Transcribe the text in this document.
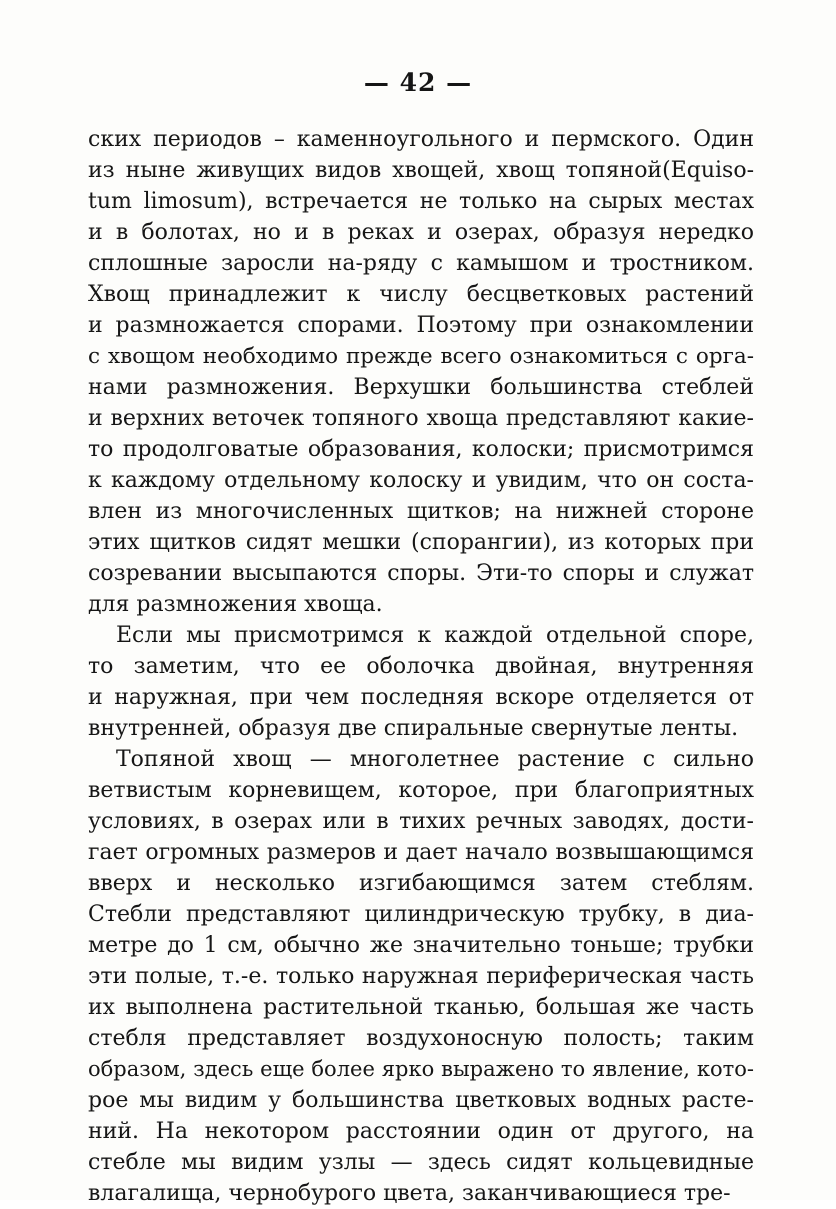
— 42 —
ских периодов – каменноугольного и пермского. Один
из ныне живущих видов хвощей, хвощ топяной(Equiso-
tum limosum), встречается не только на сырых местах
и в болотах, но и в реках и озерах, образуя нередко
сплошные заросли на-ряду с камышом и тростником.
Хвощ принадлежит к числу бесцветковых растений
и размножается спорами. Поэтому при ознакомлении
с хвощом необходимо прежде всего ознакомиться с орга-
нами размножения. Верхушки большинства стеблей
и верхних веточек топяного хвоща представляют какие-
то продолговатые образования, колоски; присмотримся
к каждому отдельному колоску и увидим, что он соста-
влен из многочисленных щитков; на нижней стороне
этих щитков сидят мешки (спорангии), из которых при
созревании высыпаются споры. Эти-то споры и служат
для размножения хвоща.
Если мы присмотримся к каждой отдельной споре,
то заметим, что ее оболочка двойная, внутренняя
и наружная, при чем последняя вскоре отделяется от
внутренней, образуя две спиральные свернутые ленты.
Топяной хвощ — многолетнее растение с сильно
ветвистым корневищем, которое, при благоприятных
условиях, в озерах или в тихих речных заводях, дости-
гает огромных размеров и дает начало возвышающимся
вверх и несколько изгибающимся затем стеблям.
Стебли представляют цилиндрическую трубку, в диа-
метре до 1 см, обычно же значительно тоньше; трубки
эти полые, т.-е. только наружная периферическая часть
их выполнена растительной тканью, большая же часть
стебля представляет воздухоносную полость; таким
образом, здесь еще более ярко выражено то явление, кото-
рое мы видим у большинства цветковых водных расте-
ний. На некотором расстоянии один от другого, на
стебле мы видим узлы — здесь сидят кольцевидные
влагалища, чернобурого цвета, заканчивающиеся тре-
